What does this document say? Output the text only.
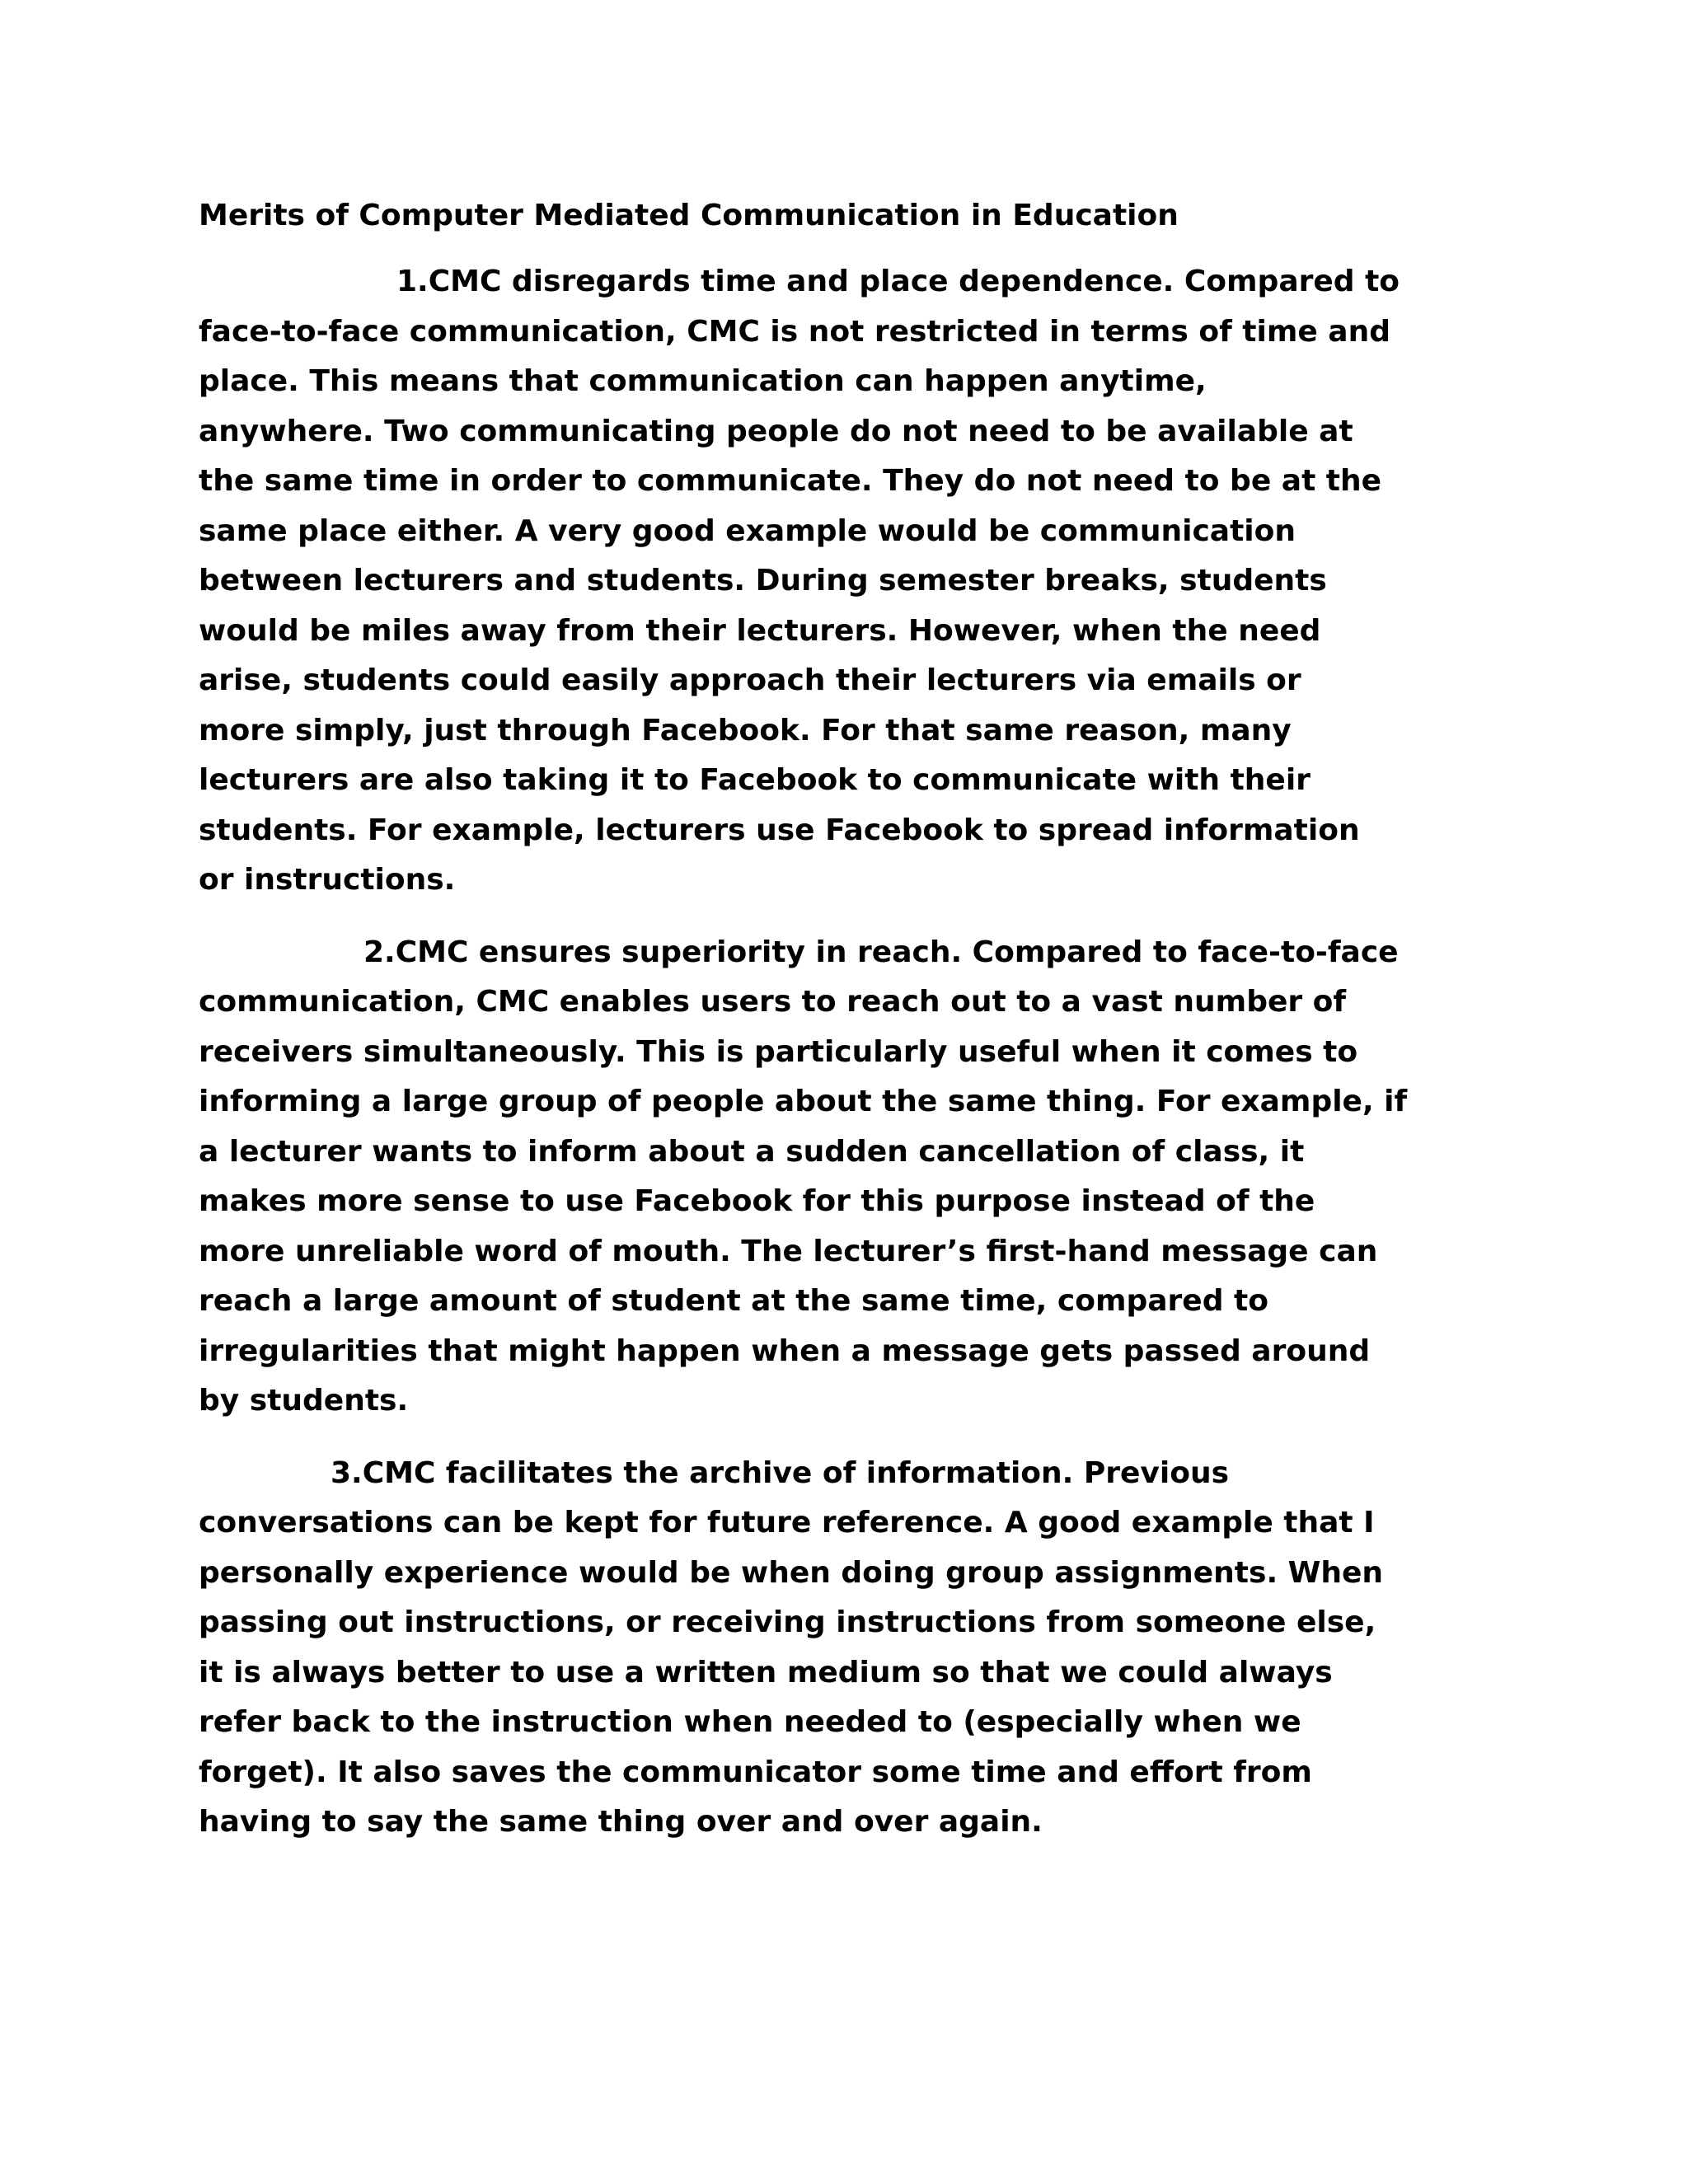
Merits of Computer Mediated Communication in Education
1.CMC disregards time and place dependence. Compared to
face-to-face communication, CMC is not restricted in terms of time and
place. This means that communication can happen anytime,
anywhere. Two communicating people do not need to be available at
the same time in order to communicate. They do not need to be at the
same place either. A very good example would be communication
between lecturers and students. During semester breaks, students
would be miles away from their lecturers. However, when the need
arise, students could easily approach their lecturers via emails or
more simply, just through Facebook. For that same reason, many
lecturers are also taking it to Facebook to communicate with their
students. For example, lecturers use Facebook to spread information
or instructions.
2.CMC ensures superiority in reach. Compared to face-to-face
communication, CMC enables users to reach out to a vast number of
receivers simultaneously. This is particularly useful when it comes to
informing a large group of people about the same thing. For example, if
a lecturer wants to inform about a sudden cancellation of class, it
makes more sense to use Facebook for this purpose instead of the
more unreliable word of mouth. The lecturer’s first-hand message can
reach a large amount of student at the same time, compared to
irregularities that might happen when a message gets passed around
by students.
3.CMC facilitates the archive of information. Previous
conversations can be kept for future reference. A good example that I
personally experience would be when doing group assignments. When
passing out instructions, or receiving instructions from someone else,
it is always better to use a written medium so that we could always
refer back to the instruction when needed to (especially when we
forget). It also saves the communicator some time and effort from
having to say the same thing over and over again.
